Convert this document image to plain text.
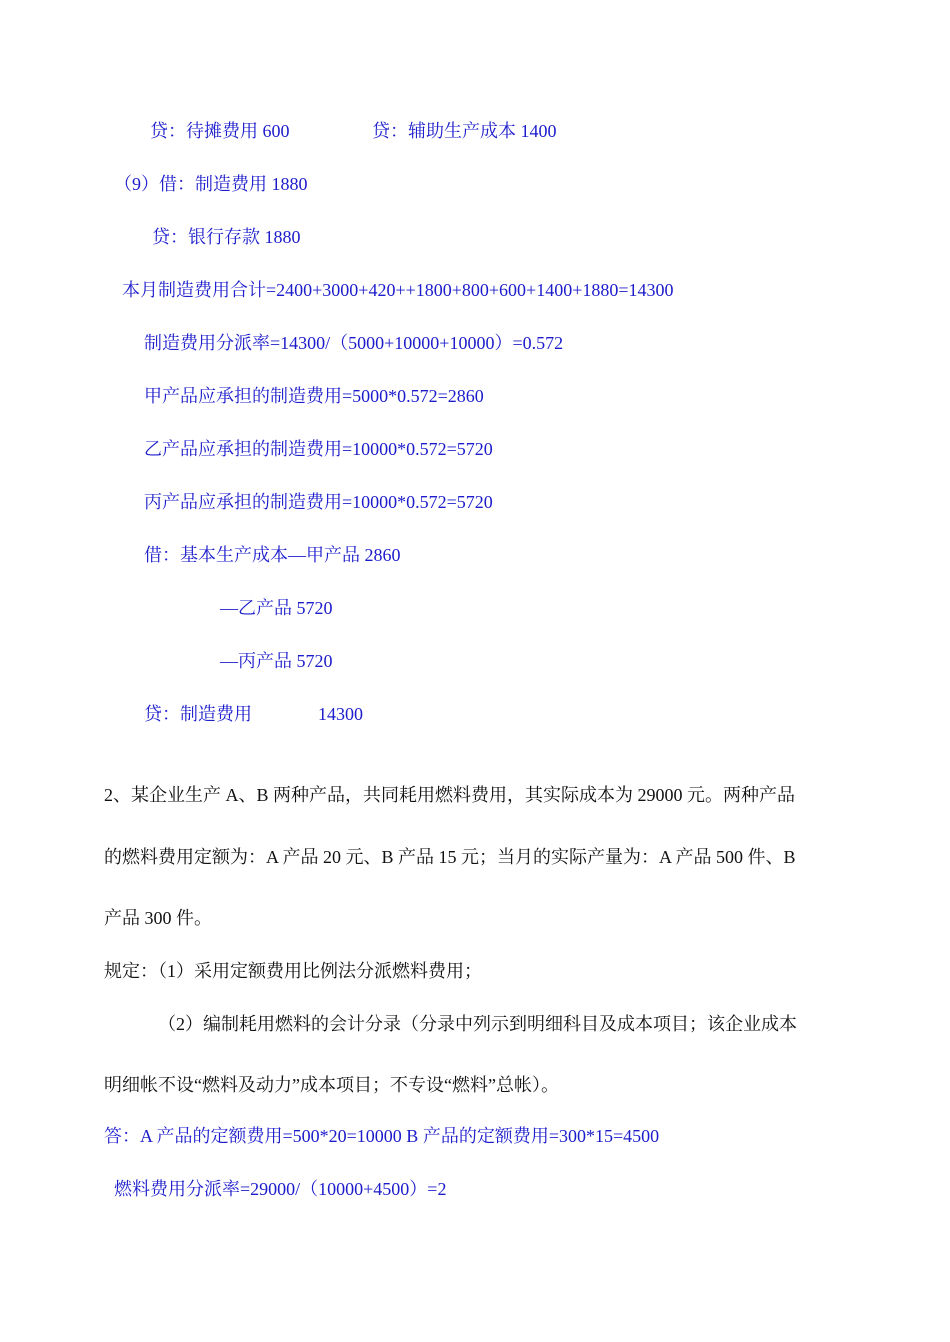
贷：待摊费用 600	贷：辅助生产成本 1400

（9）借：制造费用 1880

贷：银行存款 1880

本月制造费用合计=2400+3000+420++1800+800+600+1400+1880=14300

制造费用分派率=14300/（5000+10000+10000）=0.572

甲产品应承担的制造费用=5000*0.572=2860

乙产品应承担的制造费用=10000*0.572=5720

丙产品应承担的制造费用=10000*0.572=5720

借：基本生产成本—甲产品 2860

—乙产品 5720

—丙产品 5720

贷：制造费用	14300

2、某企业生产 A、B 两种产品，共同耗用燃料费用，其实际成本为 29000 元。两种产品

的燃料费用定额为：A 产品 20 元、B 产品 15 元；当月的实际产量为：A 产品 500 件、B

产品 300 件。

规定：（1）采用定额费用比例法分派燃料费用；

（2）编制耗用燃料的会计分录（分录中列示到明细科目及成本项目；该企业成本

明细帐不设“燃料及动力”成本项目；不专设“燃料”总帐）。

答：A 产品的定额费用=500*20=10000 B 产品的定额费用=300*15=4500

燃料费用分派率=29000/（10000+4500）=2
